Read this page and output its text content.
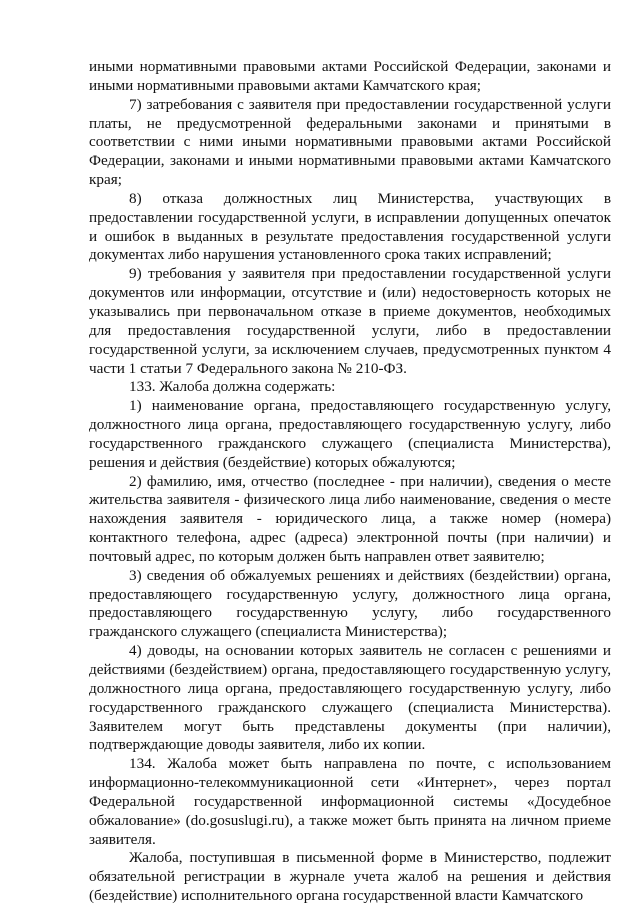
иными нормативными правовыми актами Российской Федерации, законами и иными нормативными правовыми актами Камчатского края;

7) затребования с заявителя при предоставлении государственной услуги платы, не предусмотренной федеральными законами и принятыми в соответствии с ними иными нормативными правовыми актами Российской Федерации, законами и иными нормативными правовыми актами Камчатского края;

8) отказа должностных лиц Министерства, участвующих в предоставлении государственной услуги, в исправлении допущенных опечаток и ошибок в выданных в результате предоставления государственной услуги документах либо нарушения установленного срока таких исправлений;

9) требования у заявителя при предоставлении государственной услуги документов или информации, отсутствие и (или) недостоверность которых не указывались при первоначальном отказе в приеме документов, необходимых для предоставления государственной услуги, либо в предоставлении государственной услуги, за исключением случаев, предусмотренных пунктом 4 части 1 статьи 7 Федерального закона № 210-ФЗ.

133. Жалоба должна содержать:

1) наименование органа, предоставляющего государственную услугу, должностного лица органа, предоставляющего государственную услугу, либо государственного гражданского служащего (специалиста Министерства), решения и действия (бездействие) которых обжалуются;

2) фамилию, имя, отчество (последнее - при наличии), сведения о месте жительства заявителя - физического лица либо наименование, сведения о месте нахождения заявителя - юридического лица, а также номер (номера) контактного телефона, адрес (адреса) электронной почты (при наличии) и почтовый адрес, по которым должен быть направлен ответ заявителю;

3) сведения об обжалуемых решениях и действиях (бездействии) органа, предоставляющего государственную услугу, должностного лица органа, предоставляющего государственную услугу, либо государственного гражданского служащего (специалиста Министерства);

4) доводы, на основании которых заявитель не согласен с решениями и действиями (бездействием) органа, предоставляющего государственную услугу, должностного лица органа, предоставляющего государственную услугу, либо государственного гражданского служащего (специалиста Министерства). Заявителем могут быть представлены документы (при наличии), подтверждающие доводы заявителя, либо их копии.

134. Жалоба может быть направлена по почте, с использованием информационно-телекоммуникационной сети «Интернет», через портал Федеральной государственной информационной системы «Досудебное обжалование» (do.gosuslugi.ru), а также может быть принята на личном приеме заявителя.

Жалоба, поступившая в письменной форме в Министерство, подлежит обязательной регистрации в журнале учета жалоб на решения и действия (бездействие) исполнительного органа государственной власти Камчатского
